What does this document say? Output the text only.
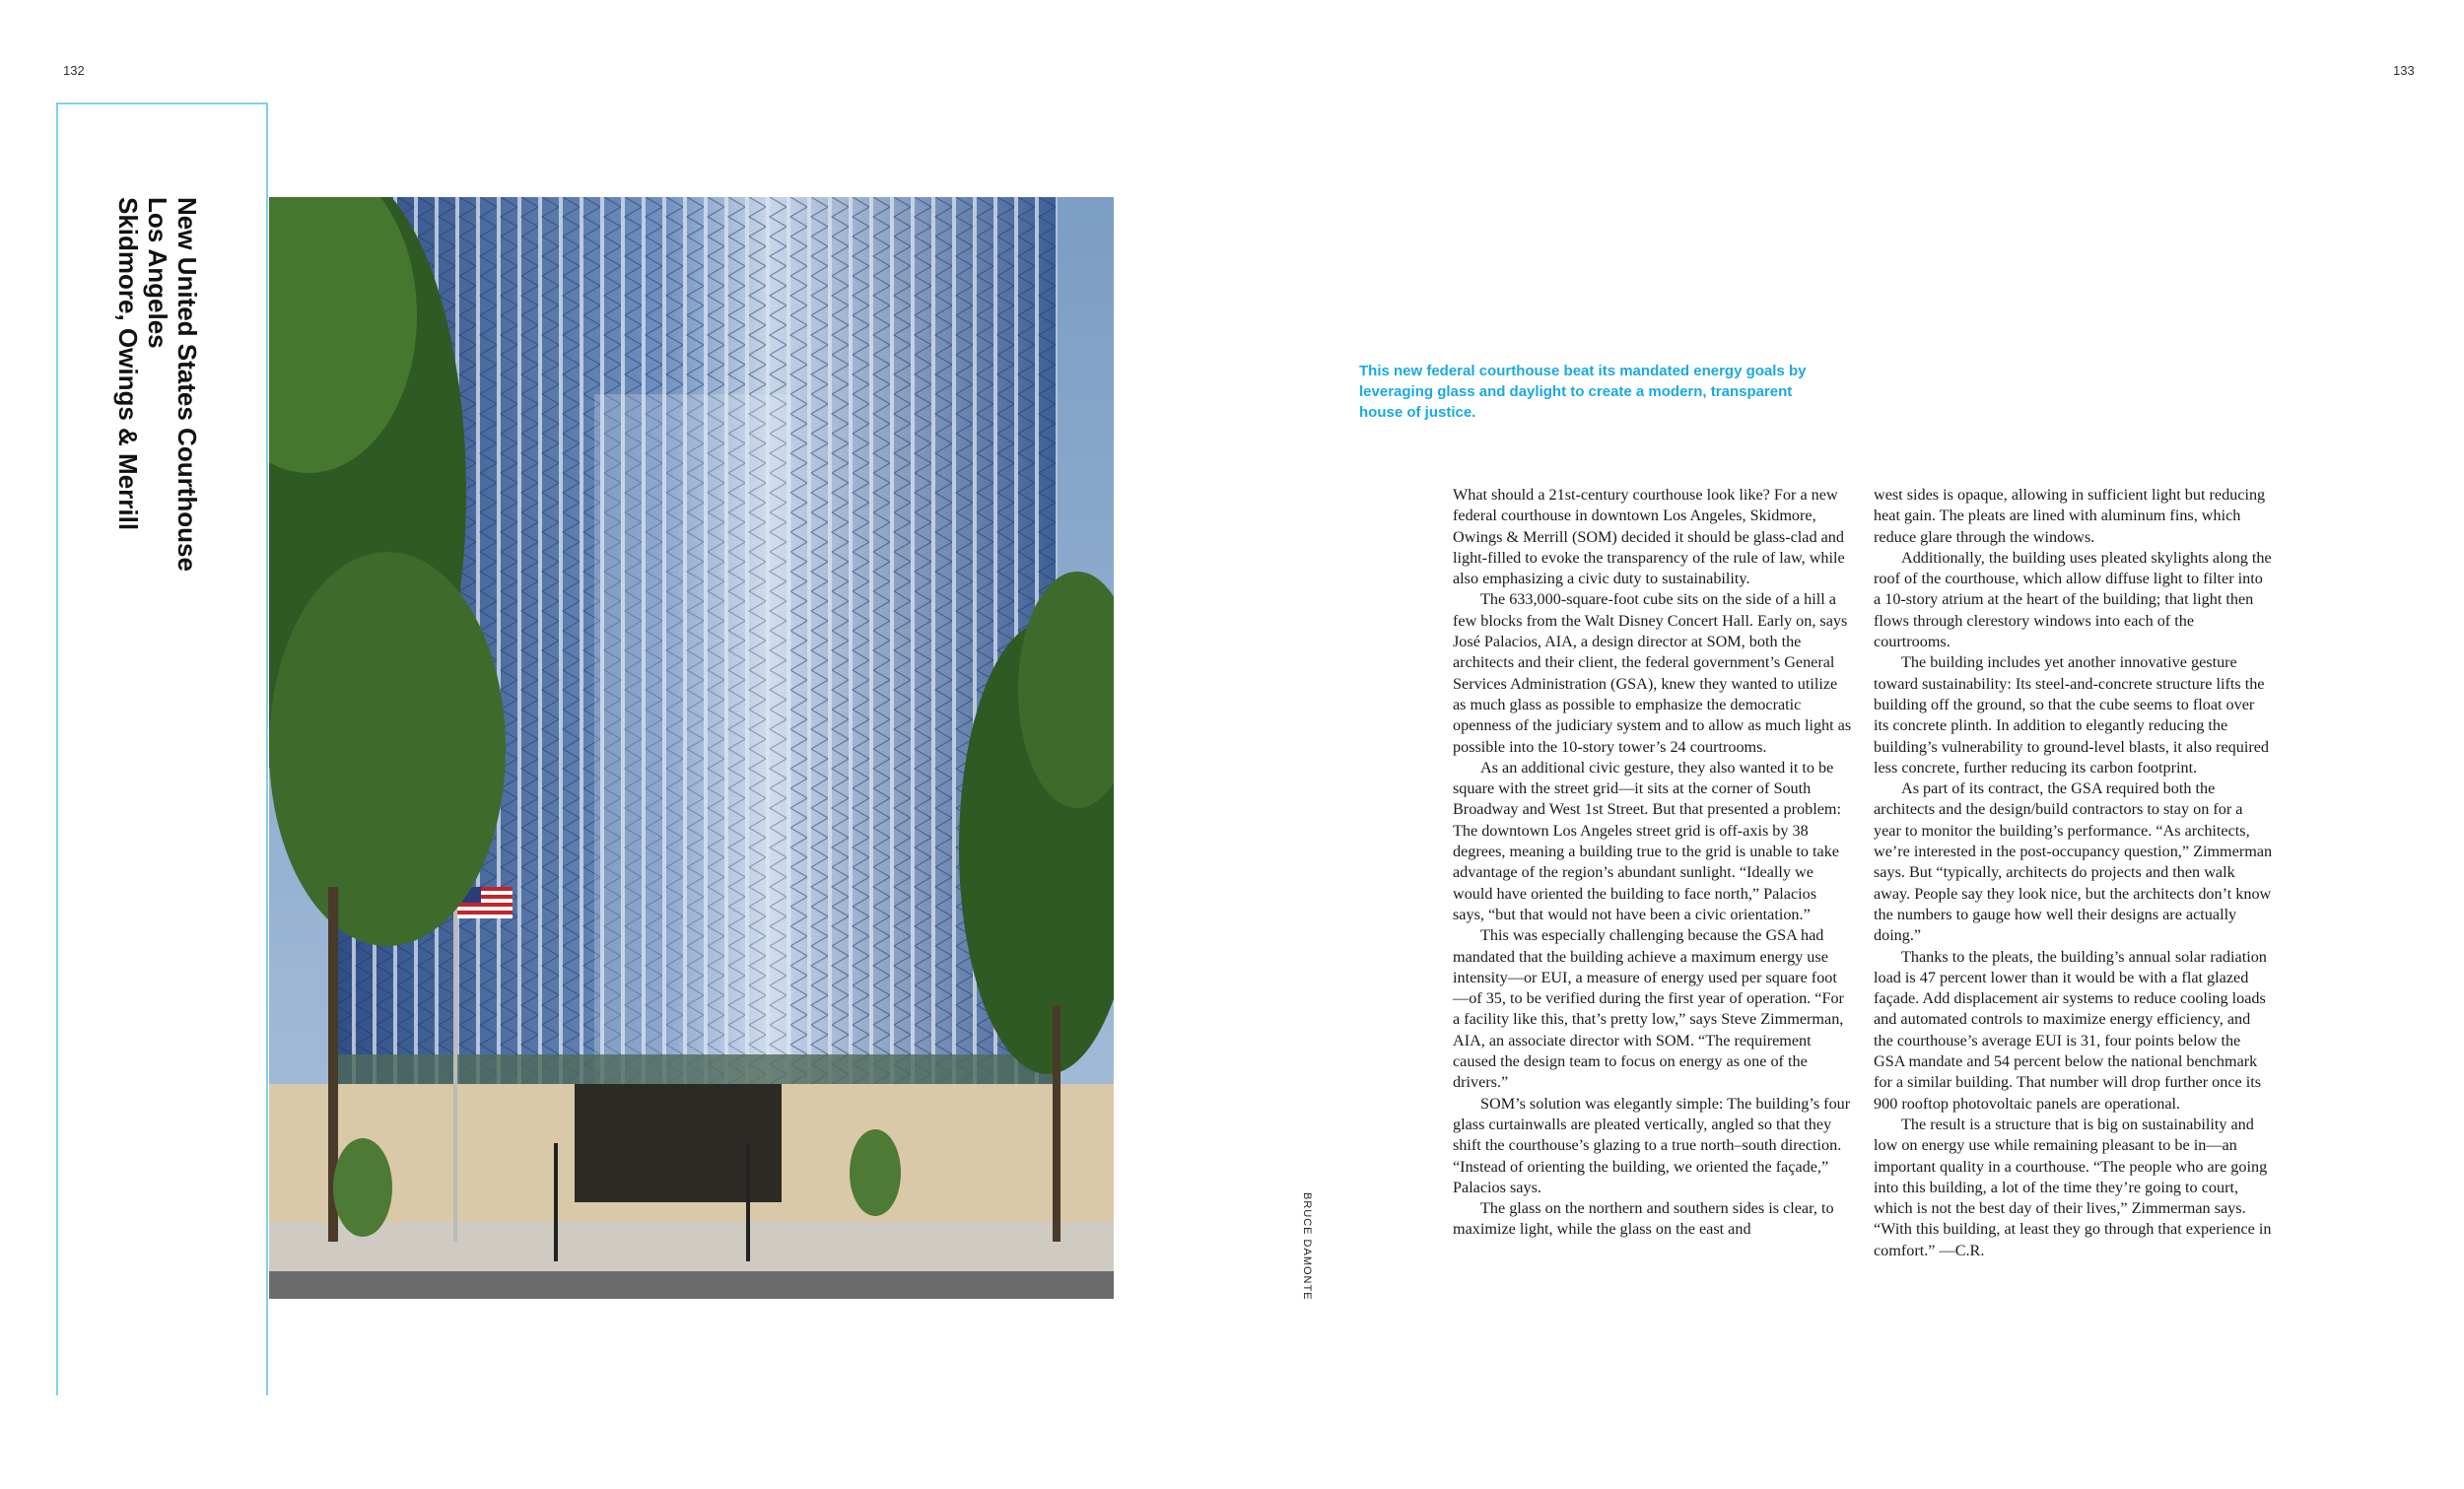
132	133
New United States Courthouse
Los Angeles
Skidmore, Owings & Merrill
BRUCE DAMONTE
This new federal courthouse beat its mandated energy goals by leveraging glass and daylight to create a modern, transparent house of justice.

What should a 21st-century courthouse look like? For a new federal courthouse in downtown Los Angeles, Skidmore, Owings & Merrill (SOM) decided it should be glass-clad and light-filled to evoke the transparency of the rule of law, while also emphasizing a civic duty to sustainability.

The 633,000-square-foot cube sits on the side of a hill a few blocks from the Walt Disney Concert Hall. Early on, says José Palacios, AIA, a design director at SOM, both the architects and their client, the federal government’s General Services Administration (GSA), knew they wanted to utilize as much glass as possible to emphasize the democratic openness of the judiciary system and to allow as much light as possible into the 10-story tower’s 24 courtrooms.

As an additional civic gesture, they also wanted it to be square with the street grid—it sits at the corner of South Broadway and West 1st Street. But that presented a problem: The downtown Los Angeles street grid is off-axis by 38 degrees, meaning a building true to the grid is unable to take advantage of the region’s abundant sunlight. “Ideally we would have oriented the building to face north,” Palacios says, “but that would not have been a civic orientation.”

This was especially challenging because the GSA had mandated that the building achieve a maximum energy use intensity—or EUI, a measure of energy used per square foot—of 35, to be verified during the first year of operation. “For a facility like this, that’s pretty low,” says Steve Zimmerman, AIA, an associate director with SOM. “The requirement caused the design team to focus on energy as one of the drivers.”

SOM’s solution was elegantly simple: The building’s four glass curtainwalls are pleated vertically, angled so that they shift the courthouse’s glazing to a true north–south direction. “Instead of orienting the building, we oriented the façade,” Palacios says.

The glass on the northern and southern sides is clear, to maximize light, while the glass on the east and

west sides is opaque, allowing in sufficient light but reducing heat gain. The pleats are lined with aluminum fins, which reduce glare through the windows.

Additionally, the building uses pleated skylights along the roof of the courthouse, which allow diffuse light to filter into a 10-story atrium at the heart of the building; that light then flows through clerestory windows into each of the courtrooms.

The building includes yet another innovative gesture toward sustainability: Its steel-and-concrete structure lifts the building off the ground, so that the cube seems to float over its concrete plinth. In addition to elegantly reducing the building’s vulnerability to ground-level blasts, it also required less concrete, further reducing its carbon footprint.

As part of its contract, the GSA required both the architects and the design/build contractors to stay on for a year to monitor the building’s performance. “As architects, we’re interested in the post-occupancy question,” Zimmerman says. But “typically, architects do projects and then walk away. People say they look nice, but the architects don’t know the numbers to gauge how well their designs are actually doing.”

Thanks to the pleats, the building’s annual solar radiation load is 47 percent lower than it would be with a flat glazed façade. Add displacement air systems to reduce cooling loads and automated controls to maximize energy efficiency, and the courthouse’s average EUI is 31, four points below the GSA mandate and 54 percent below the national benchmark for a similar building. That number will drop further once its 900 rooftop photovoltaic panels are operational.

The result is a structure that is big on sustainability and low on energy use while remaining pleasant to be in—an important quality in a courthouse. “The people who are going into this building, a lot of the time they’re going to court, which is not the best day of their lives,” Zimmerman says. “With this building, at least they go through that experience in comfort.” —C.R.
